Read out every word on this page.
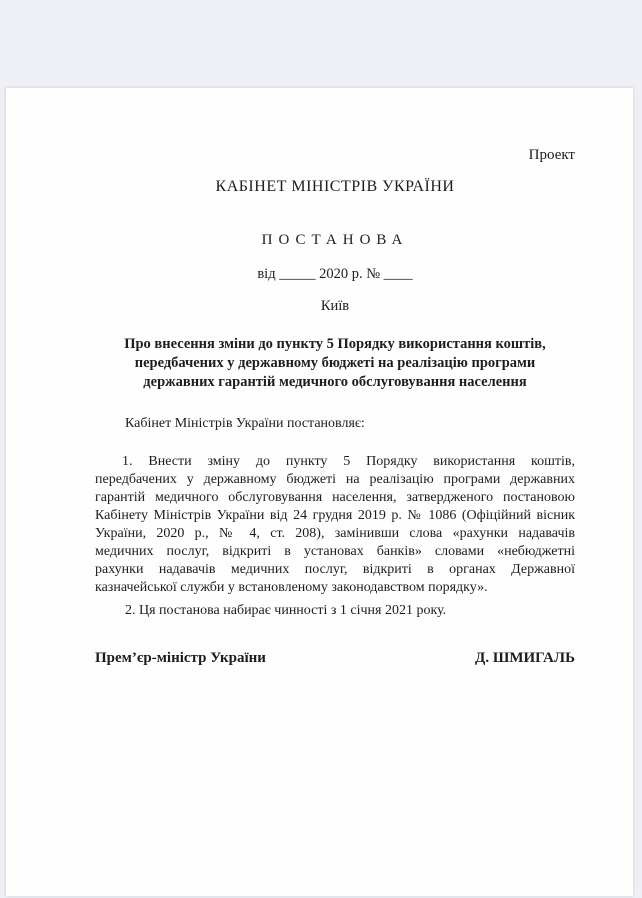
Проект
КАБІНЕТ МІНІСТРІВ УКРАЇНИ
ПОСТАНОВА
від _____ 2020 р. № ____
Київ
Про внесення зміни до пункту 5 Порядку використання коштів,
передбачених у державному бюджеті на реалізацію програми
державних гарантій медичного обслуговування населення
Кабінет Міністрів України постановляє:
1. Внести зміну до пункту 5 Порядку використання коштів,
передбачених у державному бюджеті на реалізацію програми державних
гарантій медичного обслуговування населення, затвердженого постановою
Кабінету Міністрів України від 24 грудня 2019 р. № 1086 (Офіційний вісник
України, 2020 р., № 4, ст. 208), замінивши слова «рахунки надавачів
медичних послуг, відкриті в установах банків» словами «небюджетні
рахунки надавачів медичних послуг, відкриті в органах Державної
казначейської служби у встановленому законодавством порядку».
2. Ця постанова набирає чинності з 1 січня 2021 року.
Прем’єр-міністр України	Д. ШМИГАЛЬ
